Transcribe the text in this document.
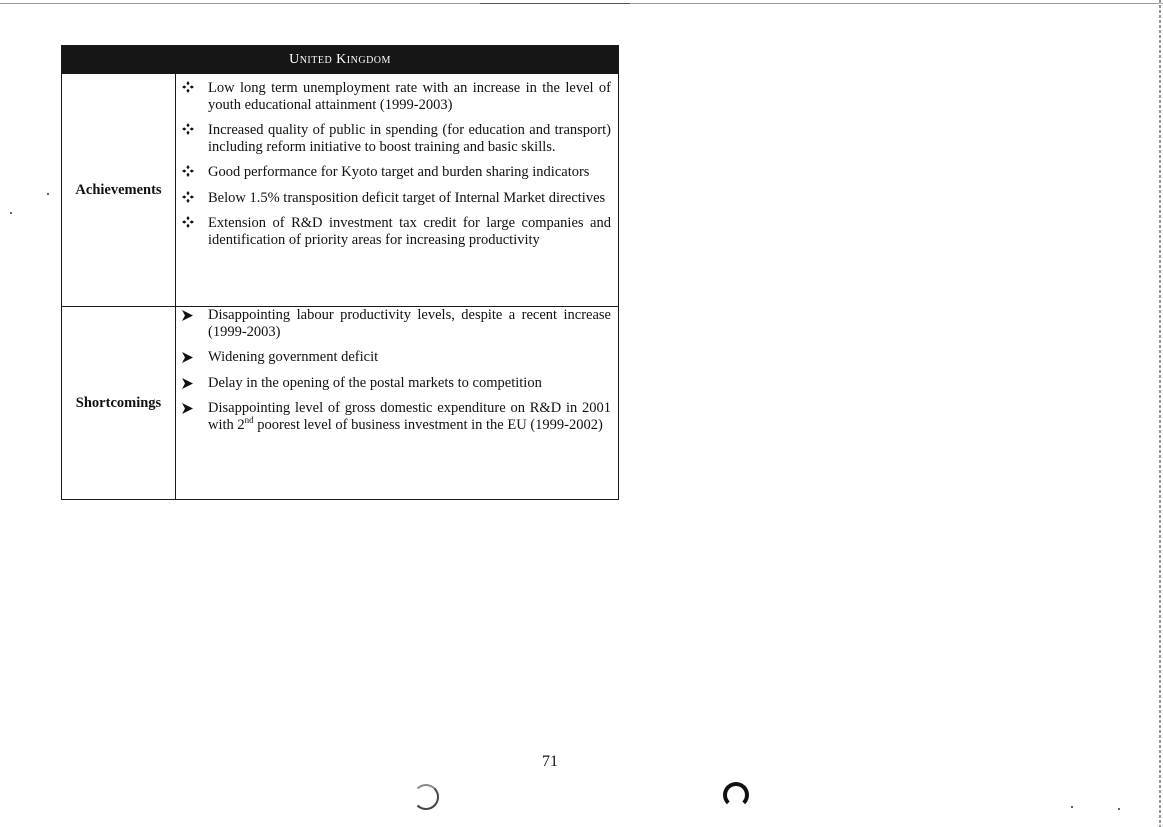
United Kingdom	
Achievements	Low long term unemployment rate with an increase in the level of youth educational attainment (1999-2003)
Increased quality of public in spending (for education and transport) including reform initiative to boost training and basic skills.
Good performance for Kyoto target and burden sharing indicators
Below 1.5% transposition deficit target of Internal Market directives
Extension of R&D investment tax credit for large companies and identification of priority areas for increasing productivity

Shortcomings	Disappointing labour productivity levels, despite a recent increase (1999-2003)
Widening government deficit
Delay in the opening of the postal markets to competition
Disappointing level of gross domestic expenditure on R&D in 2001 with 2nd poorest level of business investment in the EU (1999-2002)
71
